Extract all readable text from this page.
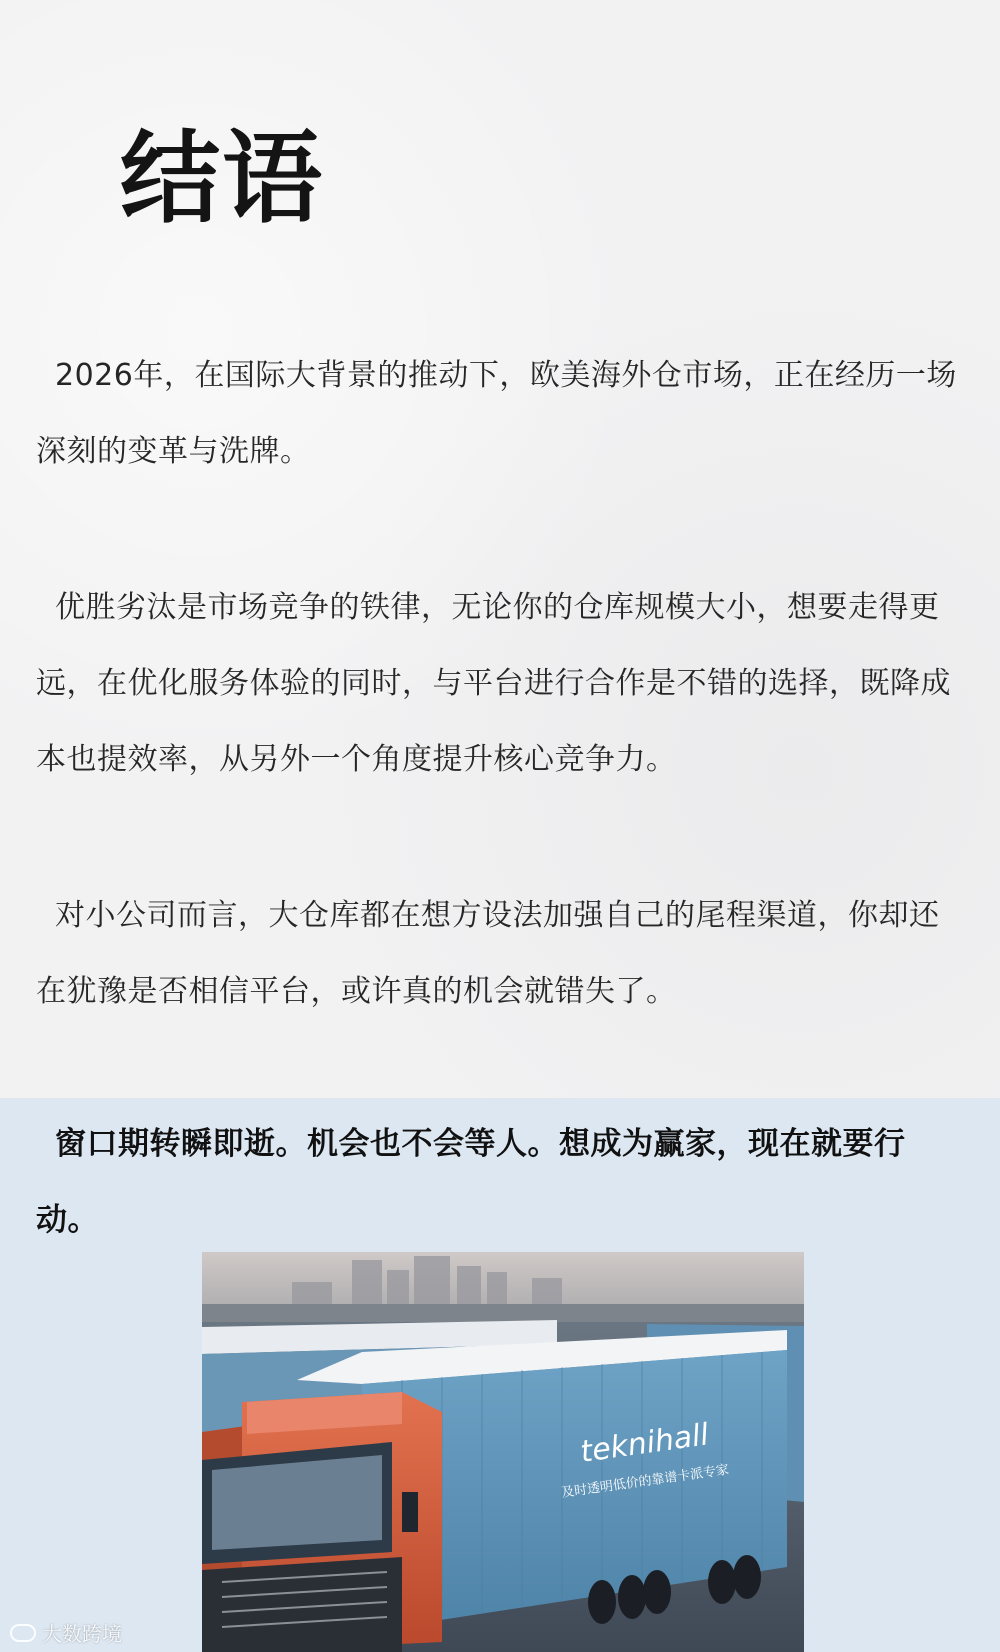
结语
2026年，在国际大背景的推动下，欧美海外仓市场，正在经历一场深刻的变革与洗牌。
优胜劣汰是市场竞争的铁律，无论你的仓库规模大小，想要走得更远，在优化服务体验的同时，与平台进行合作是不错的选择，既降成本也提效率，从另外一个角度提升核心竞争力。
对小公司而言，大仓库都在想方设法加强自己的尾程渠道，你却还在犹豫是否相信平台，或许真的机会就错失了。
窗口期转瞬即逝。机会也不会等人。想成为赢家，现在就要行动。
teknihall
及时透明低价的靠谱卡派专家
大数跨境
